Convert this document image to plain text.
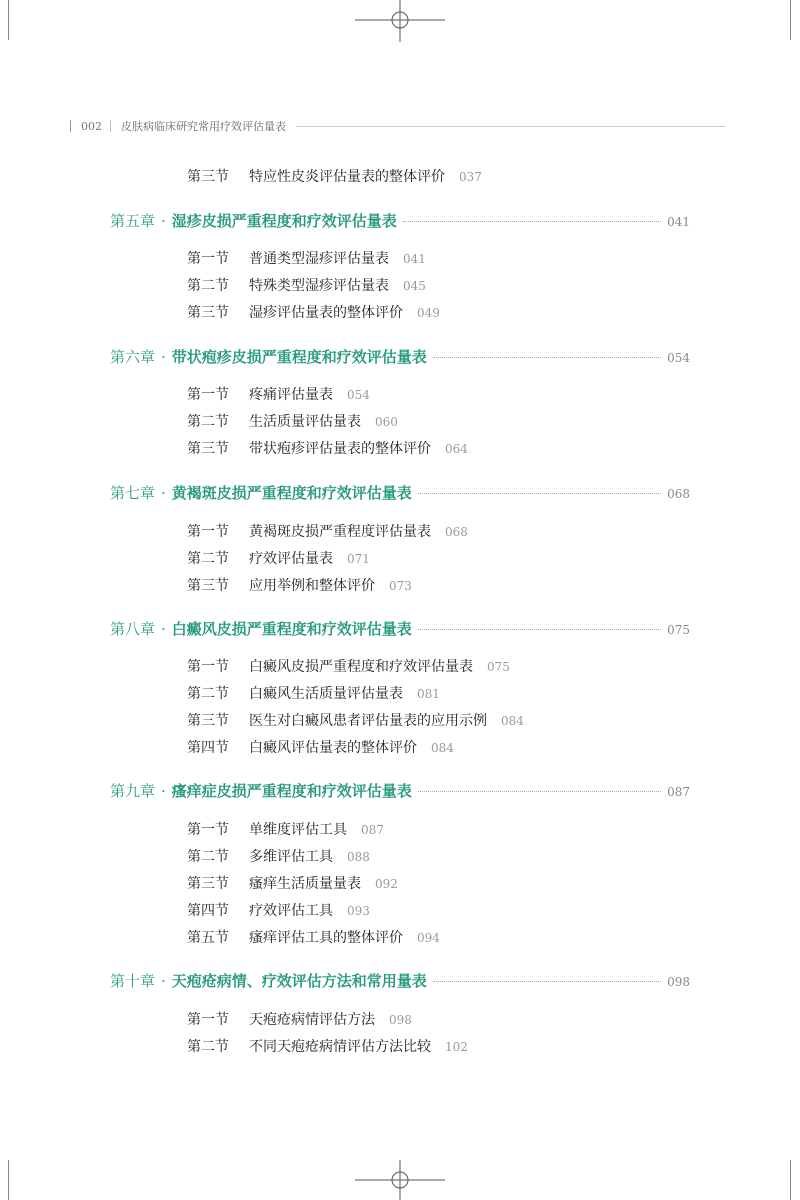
002 皮肤病临床研究常用疗效评估量表
第三节	特应性皮炎评估量表的整体评价 037
第五章 · 湿疹皮损严重程度和疗效评估量表	041
第一节	普通类型湿疹评估量表 041
第二节	特殊类型湿疹评估量表 045
第三节	湿疹评估量表的整体评价 049
第六章 · 带状疱疹皮损严重程度和疗效评估量表	054
第一节	疼痛评估量表 054
第二节	生活质量评估量表 060
第三节	带状疱疹评估量表的整体评价 064
第七章 · 黄褐斑皮损严重程度和疗效评估量表	068
第一节	黄褐斑皮损严重程度评估量表 068
第二节	疗效评估量表 071
第三节	应用举例和整体评价 073
第八章 · 白癜风皮损严重程度和疗效评估量表	075
第一节	白癜风皮损严重程度和疗效评估量表 075
第二节	白癜风生活质量评估量表 081
第三节	医生对白癜风患者评估量表的应用示例 084
第四节	白癜风评估量表的整体评价 084
第九章 · 瘙痒症皮损严重程度和疗效评估量表	087
第一节	单维度评估工具 087
第二节	多维评估工具 088
第三节	瘙痒生活质量量表 092
第四节	疗效评估工具 093
第五节	瘙痒评估工具的整体评价 094
第十章 · 天疱疮病情、疗效评估方法和常用量表	098
第一节	天疱疮病情评估方法 098
第二节	不同天疱疮病情评估方法比较 102
